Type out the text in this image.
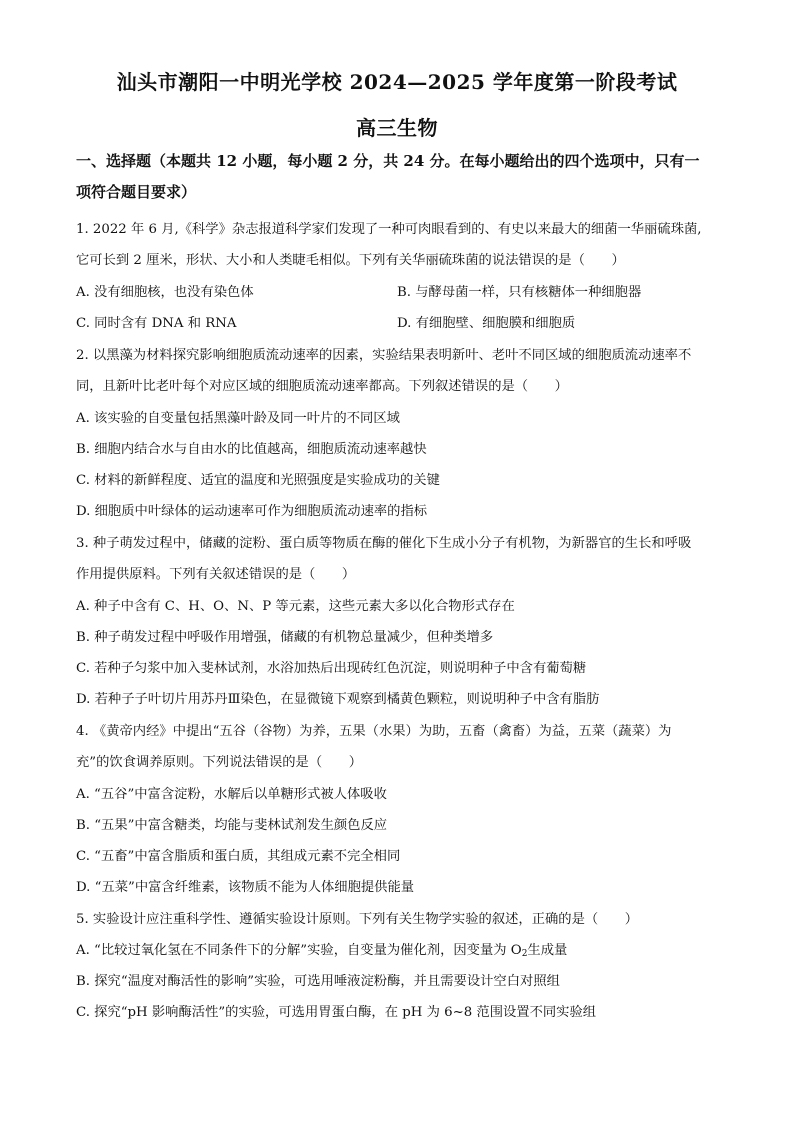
汕头市潮阳一中明光学校 2024—2025 学年度第一阶段考试
高三生物
一、选择题（本题共 12 小题，每小题 2 分，共 24 分。在每小题给出的四个选项中，只有一
项符合题目要求）
1. 2022 年 6 月,《科学》杂志报道科学家们发现了一种可肉眼看到的、有史以来最大的细菌一华丽硫珠菌,
它可长到 2 厘米，形状、大小和人类睫毛相似。下列有关华丽硫珠菌的说法错误的是（　　）
A. 没有细胞核，也没有染色体	B. 与酵母菌一样，只有核糖体一种细胞器
C. 同时含有 DNA 和 RNA	D. 有细胞壁、细胞膜和细胞质
2. 以黑藻为材料探究影响细胞质流动速率的因素，实验结果表明新叶、老叶不同区域的细胞质流动速率不
同，且新叶比老叶每个对应区域的细胞质流动速率都高。下列叙述错误的是（　　）
A. 该实验的自变量包括黑藻叶龄及同一叶片的不同区域
B. 细胞内结合水与自由水的比值越高，细胞质流动速率越快
C. 材料的新鲜程度、适宜的温度和光照强度是实验成功的关键
D. 细胞质中叶绿体的运动速率可作为细胞质流动速率的指标
3. 种子萌发过程中，储藏的淀粉、蛋白质等物质在酶的催化下生成小分子有机物，为新器官的生长和呼吸
作用提供原料。下列有关叙述错误的是（　　）
A. 种子中含有 C、H、O、N、P 等元素，这些元素大多以化合物形式存在
B. 种子萌发过程中呼吸作用增强，储藏的有机物总量减少，但种类增多
C. 若种子匀浆中加入斐林试剂，水浴加热后出现砖红色沉淀，则说明种子中含有葡萄糖
D. 若种子子叶切片用苏丹Ⅲ染色，在显微镜下观察到橘黄色颗粒，则说明种子中含有脂肪
4. 《黄帝内经》中提出“五谷（谷物）为养，五果（水果）为助，五畜（禽畜）为益，五菜（蔬菜）为
充”的饮食调养原则。下列说法错误的是（　　）
A. “五谷”中富含淀粉，水解后以单糖形式被人体吸收
B. “五果”中富含糖类，均能与斐林试剂发生颜色反应
C. “五畜”中富含脂质和蛋白质，其组成元素不完全相同
D. “五菜”中富含纤维素，该物质不能为人体细胞提供能量
5. 实验设计应注重科学性、遵循实验设计原则。下列有关生物学实验的叙述，正确的是（　　）
A. “比较过氧化氢在不同条件下的分解”实验，自变量为催化剂，因变量为 $O_2$生成量
B. 探究“温度对酶活性的影响”实验，可选用唾液淀粉酶，并且需要设计空白对照组
C. 探究“pH 影响酶活性”的实验，可选用胃蛋白酶，在 pH 为 6~8 范围设置不同实验组
